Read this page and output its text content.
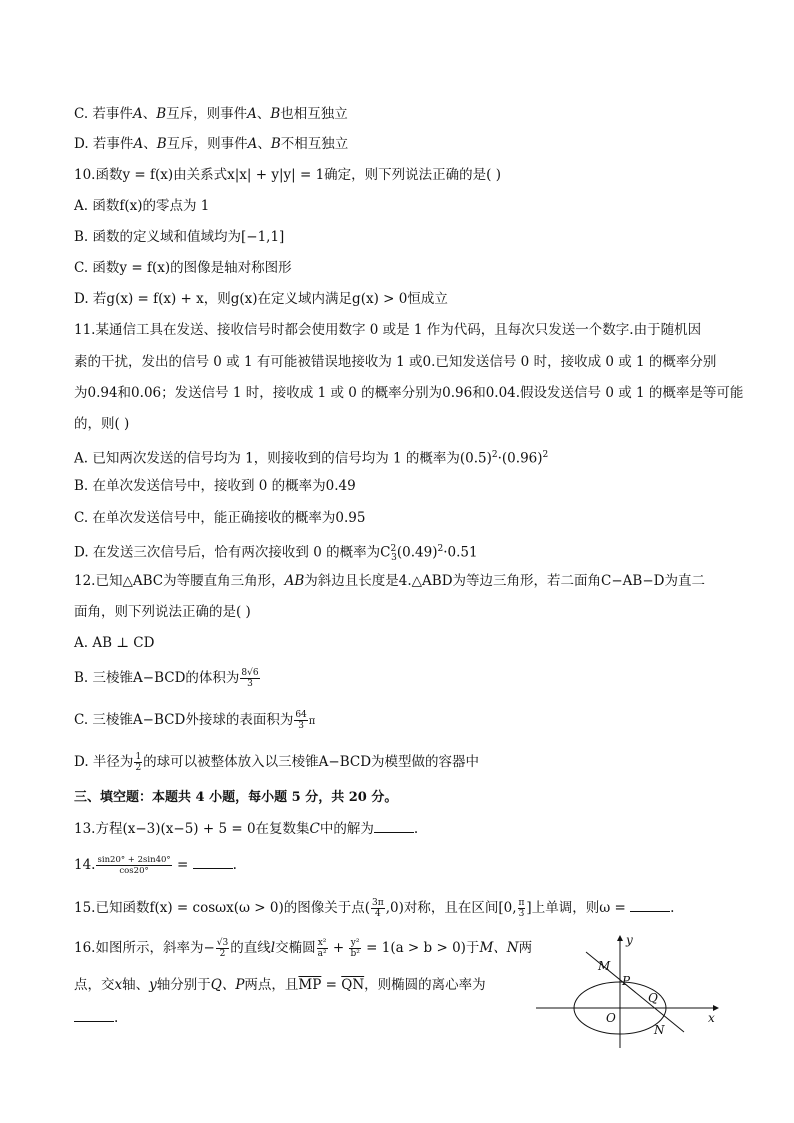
C. 若事件A、B互斥，则事件A、B也相互独立
D. 若事件A、B互斥，则事件A、B不相互独立
10.函数y = f(x)由关系式x|x| + y|y| = 1确定，则下列说法正确的是( )
A. 函数f(x)的零点为 1
B. 函数的定义域和值域均为[−1,1]
C. 函数y = f(x)的图像是轴对称图形
D. 若g(x) = f(x) + x，则g(x)在定义域内满足g(x) > 0恒成立
11.某通信工具在发送、接收信号时都会使用数字 0 或是 1 作为代码，且每次只发送一个数字.由于随机因
素的干扰，发出的信号 0 或 1 有可能被错误地接收为 1 或0.已知发送信号 0 时，接收成 0 或 1 的概率分别
为0.94和0.06；发送信号 1 时，接收成 1 或 0 的概率分别为0.96和0.04.假设发送信号 0 或 1 的概率是等可能
的，则( )
A. 已知两次发送的信号均为 1，则接收到的信号均为 1 的概率为$(0.5)^2\cdot(0.96)^2$
B. 在单次发送信号中，接收到 0 的概率为0.49
C. 在单次发送信号中，能正确接收的概率为0.95
D. 在发送三次信号后，恰有两次接收到 0 的概率为$C^2_3(0.49)^2\cdot 0.51$
12.已知△ABC为等腰直角三角形，AB为斜边且长度是4.△ABD为等边三角形，若二面角C−AB−D为直二
面角，则下列说法正确的是( )
A. AB ⊥ CD
B. 三棱锥A−BCD的体积为 $\frac{8√6}{3}$
C. 三棱锥A−BCD外接球的表面积为 $\frac{64}{3}$ π
D. 半径为 $\frac{1}{2}$ 的球可以被整体放入以三棱锥A−BCD为模型做的容器中
三、填空题：本题共 4 小题，每小题 5 分，共 20 分。
13.方程(x−3)(x−5) + 5 = 0在复数集C中的解为	.
14. $\frac{\sin 20^\circ + 2\sin 40^\circ}{\cos 20^\circ}$ =	.
15.已知函数f(x) = cosωx(ω > 0)的图像关于点( $\frac{3\pi}{4} ,0$)对称，且在区间[0, $\frac{\pi}{3}$ ]上单调，则ω =	.
16.如图所示，斜率为− $\frac{√3}{2}$ 的直线l交椭圆 $\frac{\text{x²}}{\text{a²}} + \frac{\text{y²}}{\text{b²}} = 1(a > b > 0)$于M、N两
点，交x轴、y轴分别于Q、P两点，且$\overline{MP} = \overline{QN}$，则椭圆的离心率为
.
y
x
O
M
P
Q
N
